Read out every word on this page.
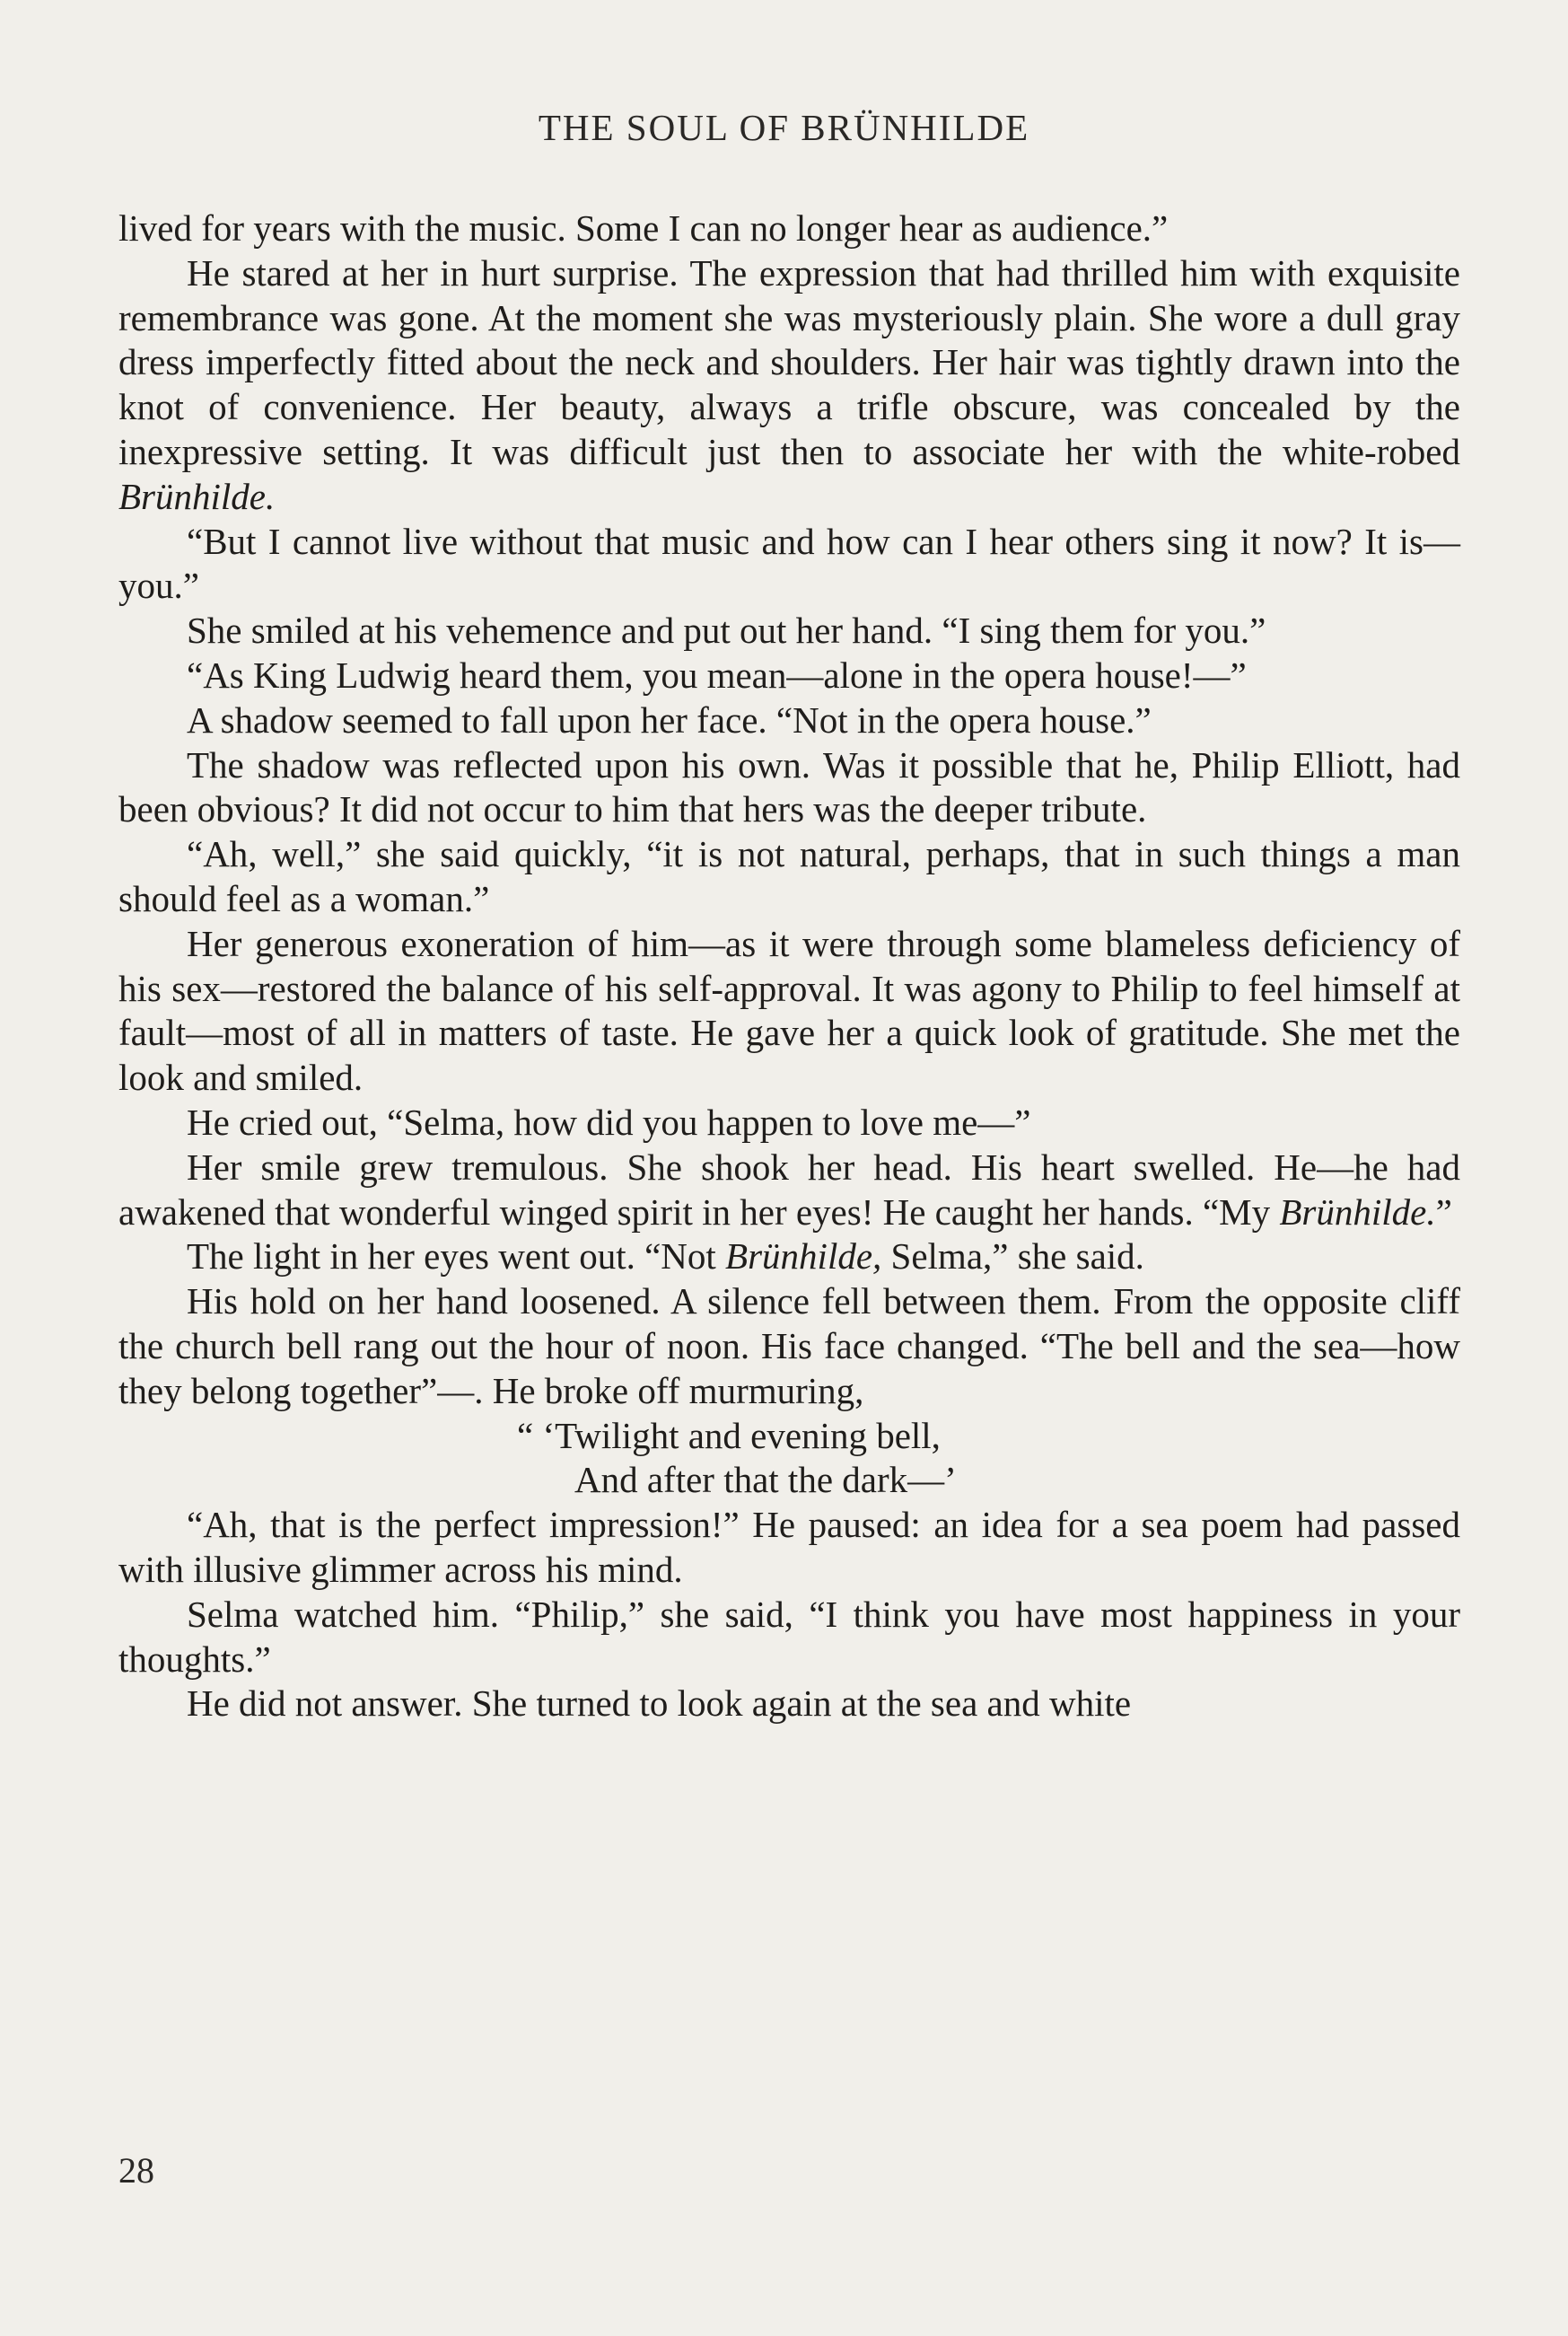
THE SOUL OF BRÜNHILDE

lived for years with the music. Some I can no longer hear as audience.”

He stared at her in hurt surprise. The expression that had thrilled him with exquisite remembrance was gone. At the moment she was mysteriously plain. She wore a dull gray dress imperfectly fitted about the neck and shoulders. Her hair was tightly drawn into the knot of convenience. Her beauty, always a trifle obscure, was concealed by the inexpressive setting. It was difficult just then to associate her with the white-robed Brünhilde.

“But I cannot live without that music and how can I hear others sing it now? It is—you.”

She smiled at his vehemence and put out her hand. “I sing them for you.”

“As King Ludwig heard them, you mean—alone in the opera house!—”

A shadow seemed to fall upon her face. “Not in the opera house.”

The shadow was reflected upon his own. Was it possible that he, Philip Elliott, had been obvious? It did not occur to him that hers was the deeper tribute.

“Ah, well,” she said quickly, “it is not natural, perhaps, that in such things a man should feel as a woman.”

Her generous exoneration of him—as it were through some blameless deficiency of his sex—restored the balance of his self-approval. It was agony to Philip to feel himself at fault—most of all in matters of taste. He gave her a quick look of gratitude. She met the look and smiled.

He cried out, “Selma, how did you happen to love me—”

Her smile grew tremulous. She shook her head. His heart swelled. He—he had awakened that wonderful winged spirit in her eyes! He caught her hands. “My Brünhilde.”

The light in her eyes went out. “Not Brünhilde, Selma,” she said.

His hold on her hand loosened. A silence fell between them. From the opposite cliff the church bell rang out the hour of noon. His face changed. “The bell and the sea—how they belong together”—. He broke off murmuring,

“ ‘Twilight and evening bell,
And after that the dark—’

“Ah, that is the perfect impression!” He paused: an idea for a sea poem had passed with illusive glimmer across his mind.

Selma watched him. “Philip,” she said, “I think you have most happiness in your thoughts.”

He did not answer. She turned to look again at the sea and white

28
